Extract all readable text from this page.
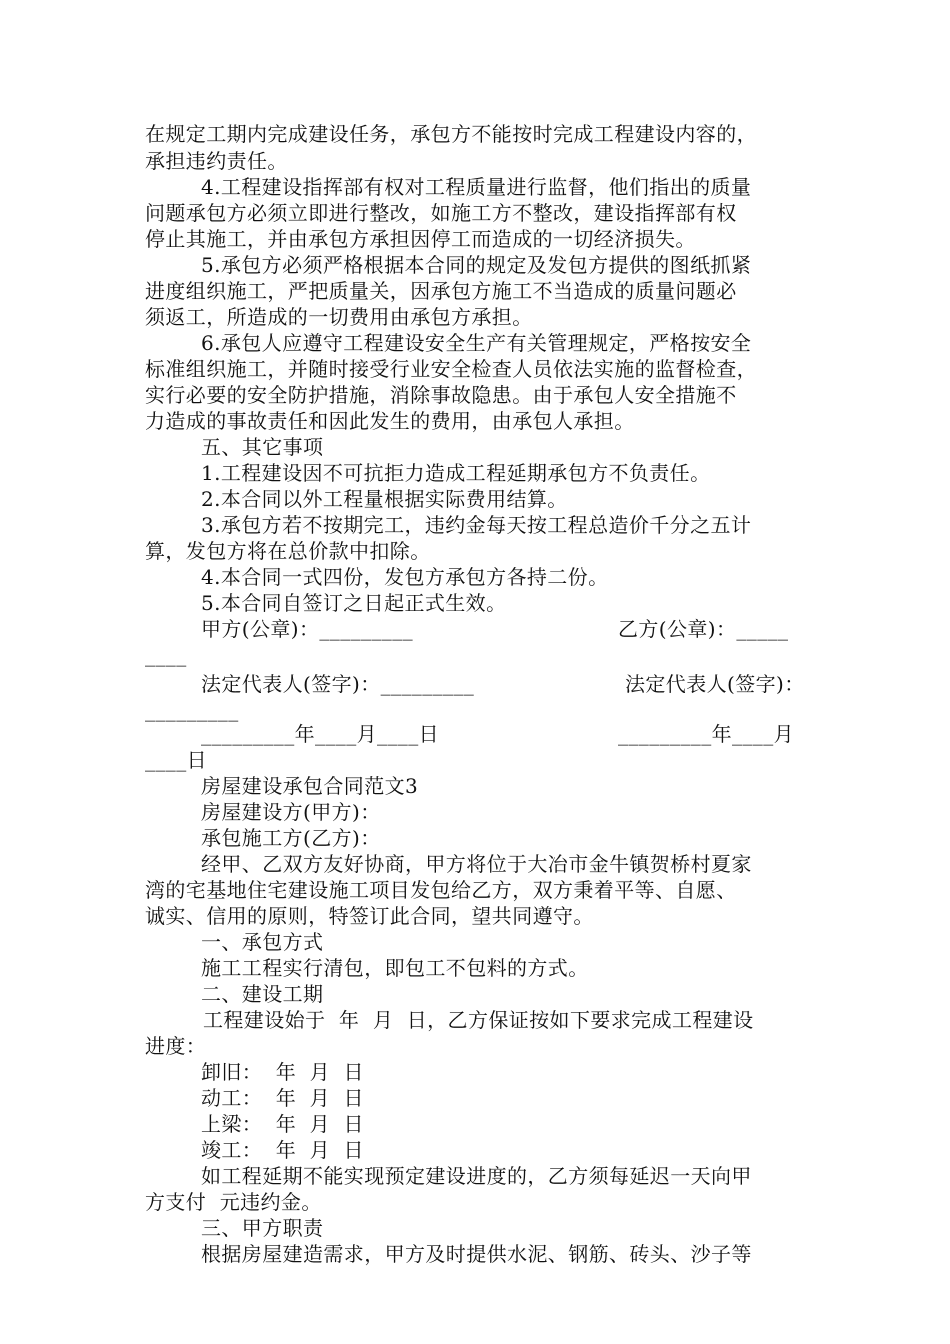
在规定工期内完成建设任务，承包方不能按时完成工程建设内容的，
承担违约责任。
4.工程建设指挥部有权对工程质量进行监督，他们指出的质量
问题承包方必须立即进行整改，如施工方不整改，建设指挥部有权
停止其施工，并由承包方承担因停工而造成的一切经济损失。
5.承包方必须严格根据本合同的规定及发包方提供的图纸抓紧
进度组织施工，严把质量关，因承包方施工不当造成的质量问题必
须返工，所造成的一切费用由承包方承担。
6.承包人应遵守工程建设安全生产有关管理规定，严格按安全
标准组织施工，并随时接受行业安全检查人员依法实施的监督检查，
实行必要的安全防护措施，消除事故隐患。由于承包人安全措施不
力造成的事故责任和因此发生的费用，由承包人承担。
五、其它事项
1.工程建设因不可抗拒力造成工程延期承包方不负责任。
2.本合同以外工程量根据实际费用结算。
3.承包方若不按期完工，违约金每天按工程总造价千分之五计
算，发包方将在总价款中扣除。
4.本合同一式四份，发包方承包方各持二份。
5.本合同自签订之日起正式生效。
甲方(公章)：_________	乙方(公章)：_____
____
法定代表人(签字)：_________	法定代表人(签字)：
_________
_________年____月____日	_________年____月
____日
房屋建设承包合同范文3
房屋建设方(甲方)：
承包施工方(乙方)：
经甲、乙双方友好协商，甲方将位于大冶市金牛镇贺桥村夏家
湾的宅基地住宅建设施工项目发包给乙方，双方秉着平等、自愿、
诚实、信用的原则，特签订此合同，望共同遵守。
一、承包方式
施工工程实行清包，即包工不包料的方式。
二、建设工期
工程建设始于  年  月  日，乙方保证按如下要求完成工程建设
进度：
卸旧：  年  月  日
动工：  年  月  日
上梁：  年  月  日
竣工：  年  月  日
如工程延期不能实现预定建设进度的，乙方须每延迟一天向甲
方支付  元违约金。
三、甲方职责
根据房屋建造需求，甲方及时提供水泥、钢筋、砖头、沙子等
